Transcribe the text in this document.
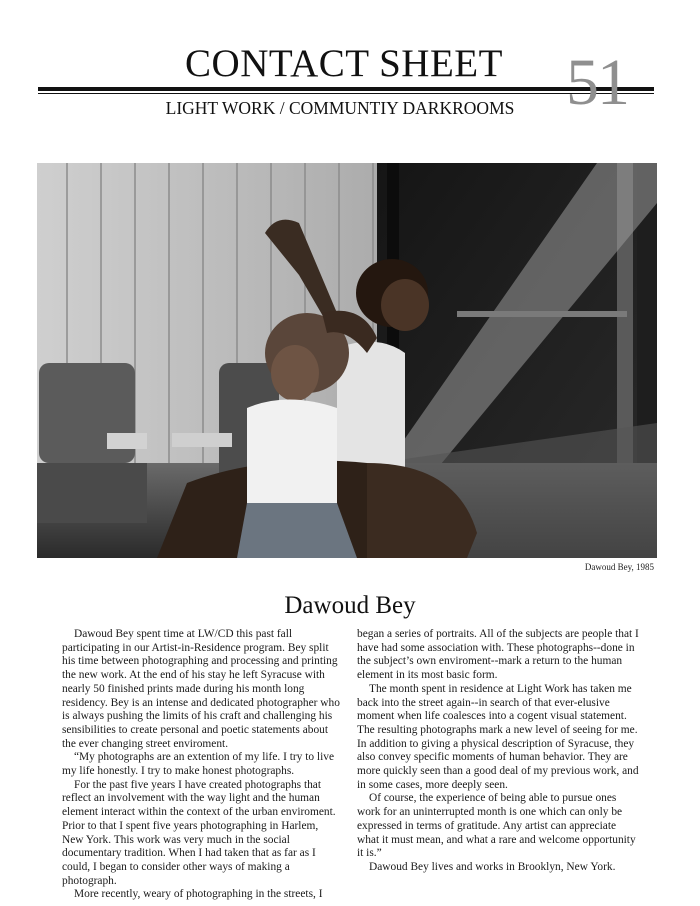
CONTACT SHEET 51
LIGHT WORK / COMMUNTIY DARKROOMS
Dawoud Bey, 1985
Dawoud Bey

Dawoud Bey spent time at LW/CD this past fall participating in our Artist-in-Residence program. Bey split his time between photographing and processing and printing the new work. At the end of his stay he left Syracuse with nearly 50 finished prints made during his month long residency. Bey is an intense and dedicated photographer who is always pushing the limits of his craft and challenging his sensibilities to create personal and poetic statements about the ever changing street enviroment.

“My photographs are an extention of my life. I try to live my life honestly. I try to make honest photographs.

For the past five years I have created photographs that reflect an involvement with the way light and the human element interact within the context of the urban enviroment. Prior to that I spent five years photographing in Harlem, New York. This work was very much in the social documentary tradition. When I had taken that as far as I could, I began to consider other ways of making a photograph.

More recently, weary of photographing in the streets, I

began a series of portraits. All of the subjects are people that I have had some association with. These photographs--done in the subject’s own enviroment--mark a return to the human element in its most basic form.

The month spent in residence at Light Work has taken me back into the street again--in search of that ever-elusive moment when life coalesces into a cogent visual statement. The resulting photographs mark a new level of seeing for me. In addition to giving a physical description of Syracuse, they also convey specific moments of human behavior. They are more quickly seen than a good deal of my previous work, and in some cases, more deeply seen.

Of course, the experience of being able to pursue ones work for an uninterrupted month is one which can only be expressed in terms of gratitude. Any artist can appreciate what it must mean, and what a rare and welcome opportunity it is.”

Dawoud Bey lives and works in Brooklyn, New York.
